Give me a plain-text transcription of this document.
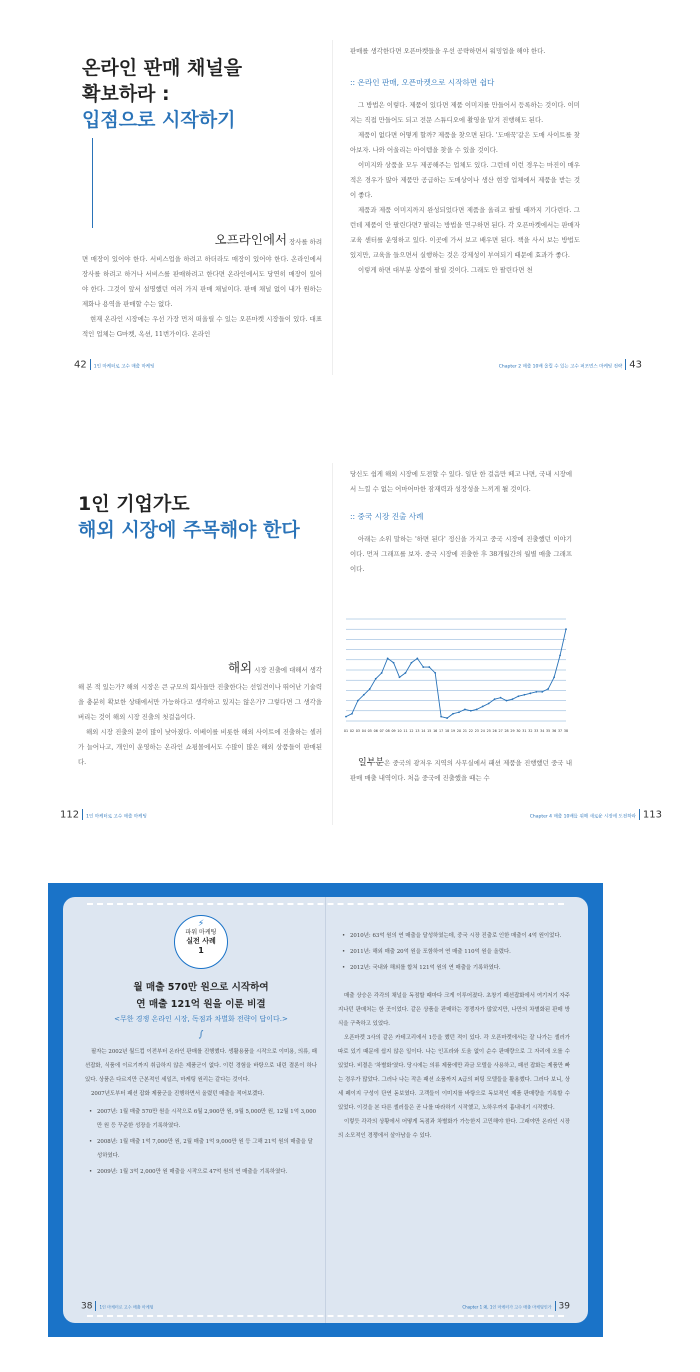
온라인 판매 채널을
확보하라 :
입점으로 시작하기
오프라인에서 장사를 하려

면 매장이 있어야 한다. 서비스업을 하려고 하더라도 매장이 있어야 한다. 온라인에서 장사를 하려고 하거나 서비스를 판매하려고 한다면 온라인에서도 당연히 매장이 있어야 한다. 그것이 앞서 설명했던 여러 가지 판매 채널이다. 판매 채널 없이 내가 원하는 제화나 용역을 판매할 수는 없다.

현재 온라인 시장에는 우선 가장 먼저 떠올릴 수 있는 오픈마켓 시장들이 있다. 대표적인 업체는 G마켓, 옥션, 11번가이다. 온라인

42 1인 마케터로 고수 매출 마케팅

판매를 생각한다면 오픈마켓들을 우선 공략하면서 워밍업을 해야 한다.

:: 온라인 판매, 오픈마켓으로 시작하면 쉽다

그 방법은 이렇다. 제품이 있다면 제품 이미지를 만들어서 등록하는 것이다. 이미지는 직접 만들어도 되고 전문 스튜디오에 촬영을 맡겨 진행해도 된다.

제품이 없다면 어떻게 할까? 제품을 찾으면 된다. '도매꾹'같은 도매 사이트를 찾아보자. 나와 어울리는 아이템을 찾을 수 있을 것이다.

이미지와 상품을 모두 제공해주는 업체도 있다. 그런데 이런 경우는 마진이 매우 적은 경우가 많아 제품만 공급하는 도매상이나 생산 현장 업체에서 제품을 받는 것이 좋다.

제품과 제품 이미지까지 완성되었다면 제품을 올리고 팔릴 때까지 기다린다. 그런데 제품이 안 팔린다면? 팔리는 방법을 연구하면 된다. 각 오픈마켓에서는 판매자 교육 센터를 운영하고 있다. 이곳에 가서 보고 배우면 된다. 책을 사서 보는 방법도 있지만, 교육을 들으면서 실행하는 것은 강제성이 부여되기 때문에 효과가 좋다.

이렇게 하면 대부분 상품이 팔릴 것이다. 그래도 안 팔린다면 천

Chapter 2 매출 10배 올릴 수 있는 고수 퍼포먼스 마케팅 전략 43
1인 기업가도
해외 시장에 주목해야 한다
해외 시장 진출에 대해서 생각

해 본 적 있는가? 해외 시장은 큰 규모의 회사들만 진출한다는 선입견이나 뛰어난 기술력을 충분히 확보한 상태에서만 가능하다고 생각하고 있지는 않은가? 그렇다면 그 생각을 버리는 것이 해외 시장 진출의 첫걸음이다.

해외 시장 진출의 문이 많이 낮아졌다. 이베이를 비롯한 해외 사이트에 진출하는 셀러가 늘어나고, 개인이 운영하는 온라인 쇼핑몰에서도 수많이 많은 해외 상품들이 판매된다.

112 1인 마케터로 고수 매출 마케팅

당신도 쉽게 해외 시장에 도전할 수 있다. 일단 한 걸음만 떼고 나면, 국내 시장에서 느낄 수 없는 어마어마한 잠재력과 성장성을 느끼게 될 것이다.

:: 중국 시장 진출 사례

아래는 소위 말하는 '하면 된다' 정신을 가지고 중국 시장에 진출했던 이야기이다. 먼저 그래프를 보자. 중국 시장에 진출한 후 38개월간의 월별 매출 그래프이다.

01 02 03 04 05 06 07 08 09 10 11 12 13 14 15 16 17 18 19 20 21 22 23 24 25 26 27 28 29 30 31 32 33 34 35 36 37 38

일부분은 중국의 광저우 지역의 사무실에서 패션 제품을 진행했던 중국 내 판매 매출 내역이다. 처음 중국에 진출했을 때는 수

Chapter 4 매출 10배를 위해 새로운 시장에 도전하라 113
⚡
파워 마케팅
실전 사례
1
월 매출 570만 원으로 시작하여
연 매출 121억 원을 이룬 비결
<무한 경쟁 온라인 시장, 독점과 차별화 전략이 답이다.>
∫

필자는 2002년 월드컵 이전부터 온라인 판매를 진행했다. 생활용품을 시작으로 이미용, 의류, 패션잡화, 식품에 이르기까지 취급하지 않은 제품군이 없다. 이런 경험을 바탕으로 내린 결론이 하나 있다. 상품은 다르지만 근본적인 세일즈, 마케팅 원리는 같다는 것이다.

2007년도부터 패션 잡화 제품군을 진행하면서 올렸던 매출을 적어보겠다.

• 2007년: 1월 매출 570만 원을 시작으로 6월 2,900만 원, 9월 5,000만 원, 12월 1억 3,000만 원 등 꾸준한 성장을 기록하였다.
• 2008년: 1월 매출 1억 7,000만 원, 2월 매출 1억 9,000만 원 등 그해 21억 원의 매출을 달성하였다.
• 2009년: 1월 3억 2,000만 원 매출을 시작으로 47억 원의 연 매출을 기록하였다.
• 2010년: 63억 원의 연 매출을 달성하였는데, 중국 시장 진출로 인한 매출이 4억 원이었다.
• 2011년: 해외 매출 20억 원을 포함하여 연 매출 110억 원을 올렸다.
• 2012년: 국내와 해외를 합쳐 121억 원의 연 매출을 기록하였다.

매출 상승은 각각의 채널을 독점할 때마다 크게 이루어졌다. 초창기 패션잡화에서 여기저기 자주 지나던 판매처는 한 곳이었다. 같은 상품을 판매하는 경쟁자가 많았지만, 나만의 차별화된 판매 방식을 구축하고 있었다.

오픈마켓 3사의 같은 카테고리에서 1등을 했던 적이 있다. 각 오픈마켓에서는 잘 나가는 셀러가 따로 있기 때문에 쉽지 않은 일이다. 나는 인프라와 도움 없이 순수 판매량으로 그 자리에 오를 수 있었다. 비결은 '차별화'였다. 당시에는 의류 제품에만 과금 모델을 사용하고, 패션 잡화는 제품만 빠는 경우가 많았다. 그러나 나는 작은 패션 소품까지 A급의 퍼팅 모델들을 활용했다. 그러다 보니, 상세 페이지 구성이 단연 돋보였다. 고객들이 이미지를 바탕으로 독보적인 제품 판매량을 기록할 수 있었다. 이것을 본 다른 셀러들은 곧 나를 따라하기 시작했고, 노하우까지 흉내내기 시작했다.

이렇듯 각각의 상황에서 어떻게 독점과 차별화가 가능한지 고민해야 한다. 그래야만 온라인 시장의 소모적인 경쟁에서 살아남을 수 있다.

38 1인 마케터로 고수 매출 마케팅	Chapter 1 왜, 1인 마케터가 고수 매출 마케팅인가 39
